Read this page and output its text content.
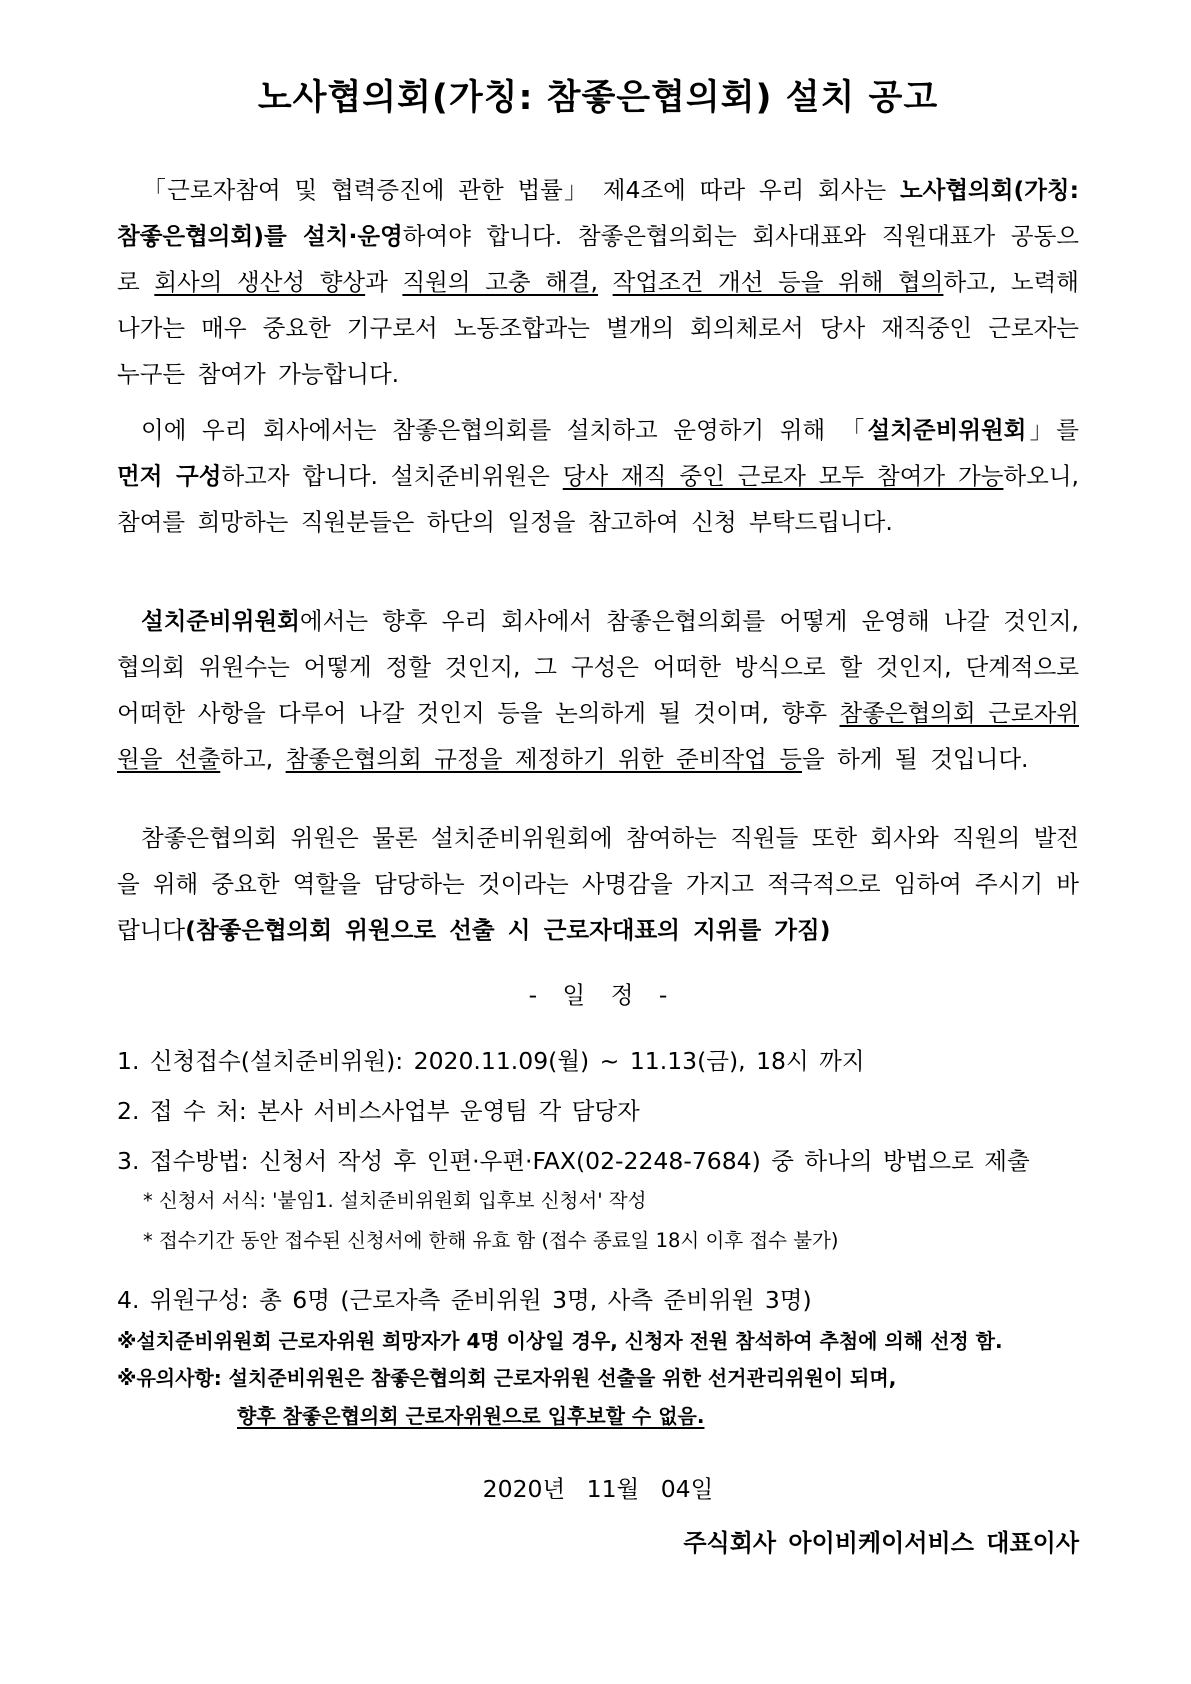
노사협의회(가칭: 참좋은협의회) 설치 공고

「근로자참여 및 협력증진에 관한 법률」 제4조에 따라 우리 회사는 노사협의회(가칭: 참좋은협의회)를 설치·운영하여야 합니다. 참좋은협의회는 회사대표와 직원대표가 공동으로 회사의 생산성 향상과 직원의 고충 해결, 작업조건 개선 등을 위해 협의하고, 노력해 나가는 매우 중요한 기구로서 노동조합과는 별개의 회의체로서 당사 재직중인 근로자는 누구든 참여가 가능합니다.

이에 우리 회사에서는 참좋은협의회를 설치하고 운영하기 위해 「설치준비위원회」를 먼저 구성하고자 합니다. 설치준비위원은 당사 재직 중인 근로자 모두 참여가 가능하오니, 참여를 희망하는 직원분들은 하단의 일정을 참고하여 신청 부탁드립니다.

설치준비위원회에서는 향후 우리 회사에서 참좋은협의회를 어떻게 운영해 나갈 것인지, 협의회 위원수는 어떻게 정할 것인지, 그 구성은 어떠한 방식으로 할 것인지, 단계적으로 어떠한 사항을 다루어 나갈 것인지 등을 논의하게 될 것이며, 향후 참좋은협의회 근로자위원을 선출하고, 참좋은협의회 규정을 제정하기 위한 준비작업 등을 하게 될 것입니다.

참좋은협의회 위원은 물론 설치준비위원회에 참여하는 직원들 또한 회사와 직원의 발전을 위해 중요한 역할을 담당하는 것이라는 사명감을 가지고 적극적으로 임하여 주시기 바랍니다(참좋은협의회 위원으로 선출 시 근로자대표의 지위를 가짐)

- 일 정 -
1. 신청접수(설치준비위원): 2020.11.09(월) ~ 11.13(금), 18시 까지
2. 접 수 처: 본사 서비스사업부 운영팀 각 담당자
3. 접수방법: 신청서 작성 후 인편·우편·FAX(02-2248-7684) 중 하나의 방법으로 제출
* 신청서 서식: '붙임1. 설치준비위원회 입후보 신청서' 작성
* 접수기간 동안 접수된 신청서에 한해 유효 함 (접수 종료일 18시 이후 접수 불가)
4. 위원구성: 총 6명 (근로자측 준비위원 3명, 사측 준비위원 3명)
※설치준비위원회 근로자위원 희망자가 4명 이상일 경우, 신청자 전원 참석하여 추첨에 의해 선정 함.
※유의사항: 설치준비위원은 참좋은협의회 근로자위원 선출을 위한 선거관리위원이 되며,
향후 참좋은협의회 근로자위원으로 입후보할 수 없음.
2020년 11월 04일
주식회사 아이비케이서비스 대표이사
